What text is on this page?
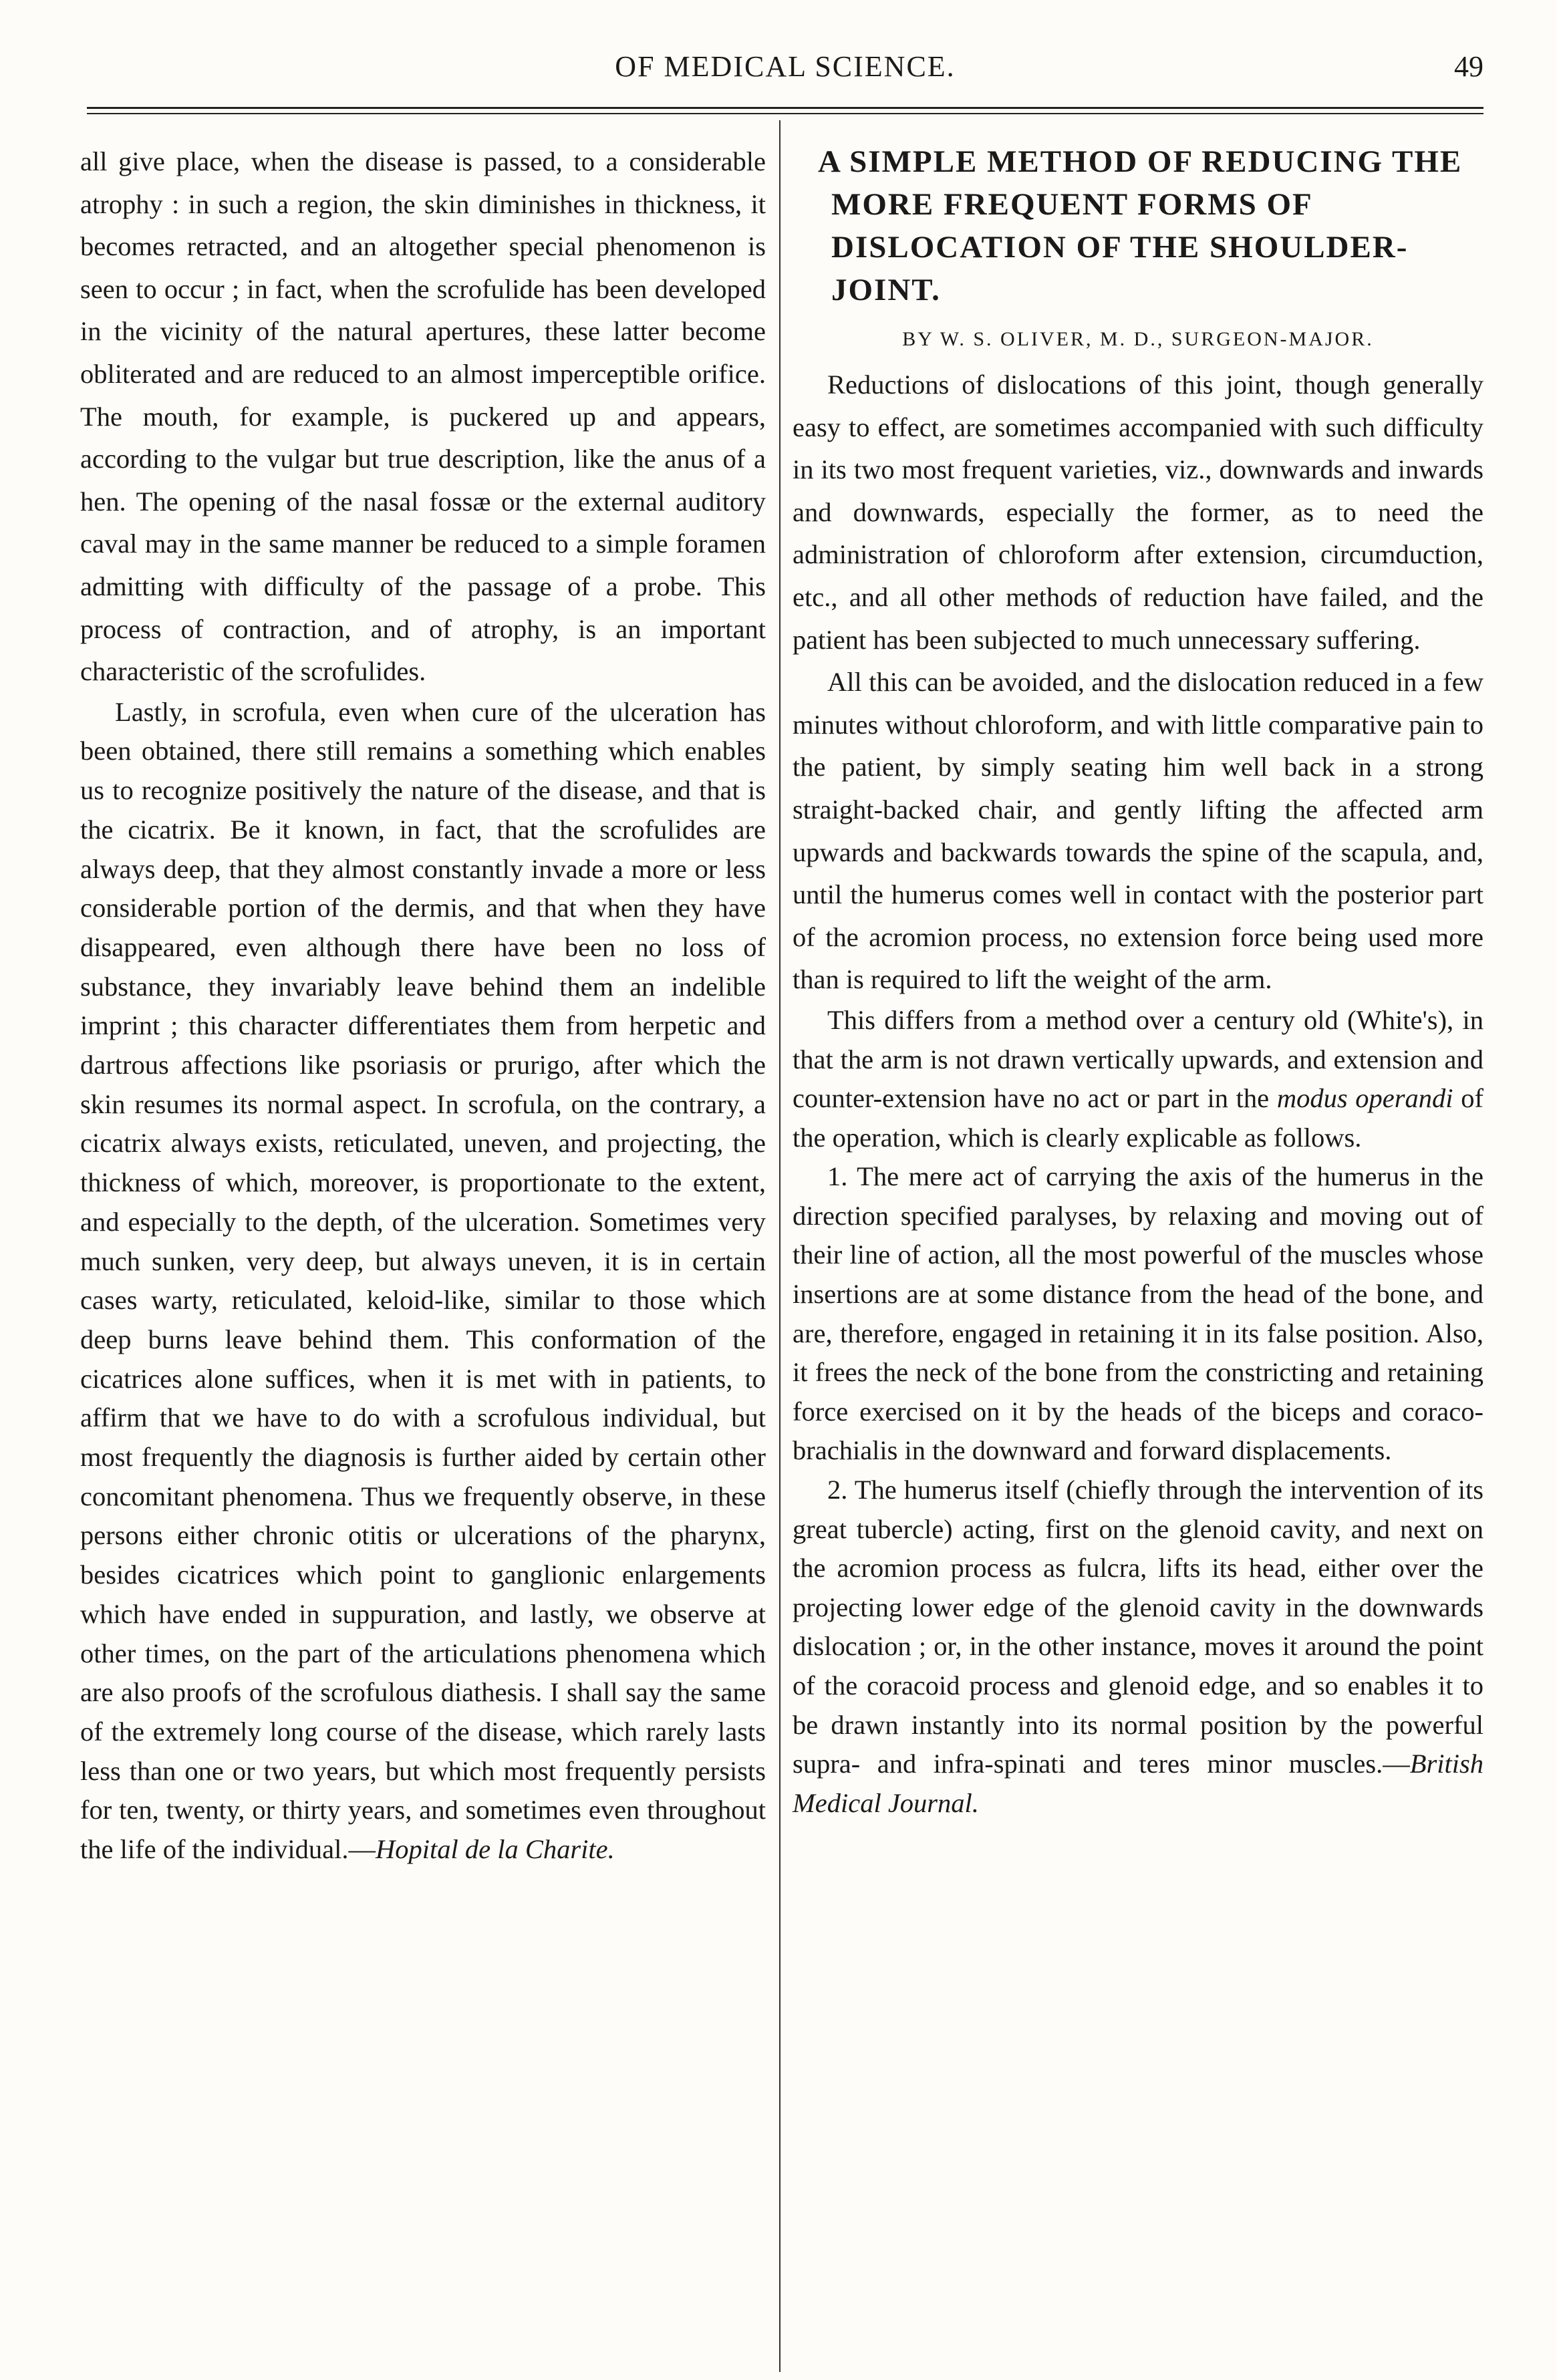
OF MEDICAL SCIENCE.	49

all give place, when the disease is passed, to a considerable atrophy : in such a region, the skin diminishes in thickness, it becomes retracted, and an altogether special phenomenon is seen to occur ; in fact, when the scrofulide has been developed in the vicinity of the natural apertures, these latter become obliterated and are reduced to an almost imperceptible orifice. The mouth, for example, is puckered up and appears, according to the vulgar but true description, like the anus of a hen. The opening of the nasal fossæ or the external auditory caval may in the same manner be reduced to a simple foramen admitting with difficulty of the passage of a probe. This process of contraction, and of atrophy, is an important characteristic of the scrofulides.

Lastly, in scrofula, even when cure of the ulceration has been obtained, there still remains a something which enables us to recognize positively the nature of the disease, and that is the cicatrix. Be it known, in fact, that the scrofulides are always deep, that they almost constantly invade a more or less considerable portion of the dermis, and that when they have disappeared, even although there have been no loss of substance, they invariably leave behind them an indelible imprint ; this character differentiates them from herpetic and dartrous affections like psoriasis or prurigo, after which the skin resumes its normal aspect. In scrofula, on the contrary, a cicatrix always exists, reticulated, uneven, and projecting, the thickness of which, moreover, is proportionate to the extent, and especially to the depth, of the ulceration. Sometimes very much sunken, very deep, but always uneven, it is in certain cases warty, reticulated, keloid-like, similar to those which deep burns leave behind them. This conformation of the cicatrices alone suffices, when it is met with in patients, to affirm that we have to do with a scrofulous individual, but most frequently the diagnosis is further aided by certain other concomitant phenomena. Thus we frequently observe, in these persons either chronic otitis or ulcerations of the pharynx, besides cicatrices which point to ganglionic enlargements which have ended in suppuration, and lastly, we observe at other times, on the part of the articulations phenomena which are also proofs of the scrofulous diathesis. I shall say the same of the extremely long course of the disease, which rarely lasts less than one or two years, but which most frequently persists for ten, twenty, or thirty years, and sometimes even throughout the life of the individual.—Hopital de la Charite.

A SIMPLE METHOD OF REDUCING THE MORE FREQUENT FORMS OF DISLOCATION OF THE SHOULDER-JOINT.
BY W. S. OLIVER, M. D., SURGEON-MAJOR.

Reductions of dislocations of this joint, though generally easy to effect, are sometimes accompanied with such difficulty in its two most frequent varieties, viz., downwards and inwards and downwards, especially the former, as to need the administration of chloroform after extension, circumduction, etc., and all other methods of reduction have failed, and the patient has been subjected to much unnecessary suffering.

All this can be avoided, and the dislocation reduced in a few minutes without chloroform, and with little comparative pain to the patient, by simply seating him well back in a strong straight-backed chair, and gently lifting the affected arm upwards and backwards towards the spine of the scapula, and, until the humerus comes well in contact with the posterior part of the acromion process, no extension force being used more than is required to lift the weight of the arm.

This differs from a method over a century old (White's), in that the arm is not drawn vertically upwards, and extension and counter-extension have no act or part in the modus operandi of the operation, which is clearly explicable as follows.

1. The mere act of carrying the axis of the humerus in the direction specified paralyses, by relaxing and moving out of their line of action, all the most powerful of the muscles whose insertions are at some distance from the head of the bone, and are, therefore, engaged in retaining it in its false position. Also, it frees the neck of the bone from the constricting and retaining force exercised on it by the heads of the biceps and coraco-brachialis in the downward and forward displacements.

2. The humerus itself (chiefly through the intervention of its great tubercle) acting, first on the glenoid cavity, and next on the acromion process as fulcra, lifts its head, either over the projecting lower edge of the glenoid cavity in the downwards dislocation ; or, in the other instance, moves it around the point of the coracoid process and glenoid edge, and so enables it to be drawn instantly into its normal position by the powerful supra- and infra-spinati and teres minor muscles.—British Medical Journal.
